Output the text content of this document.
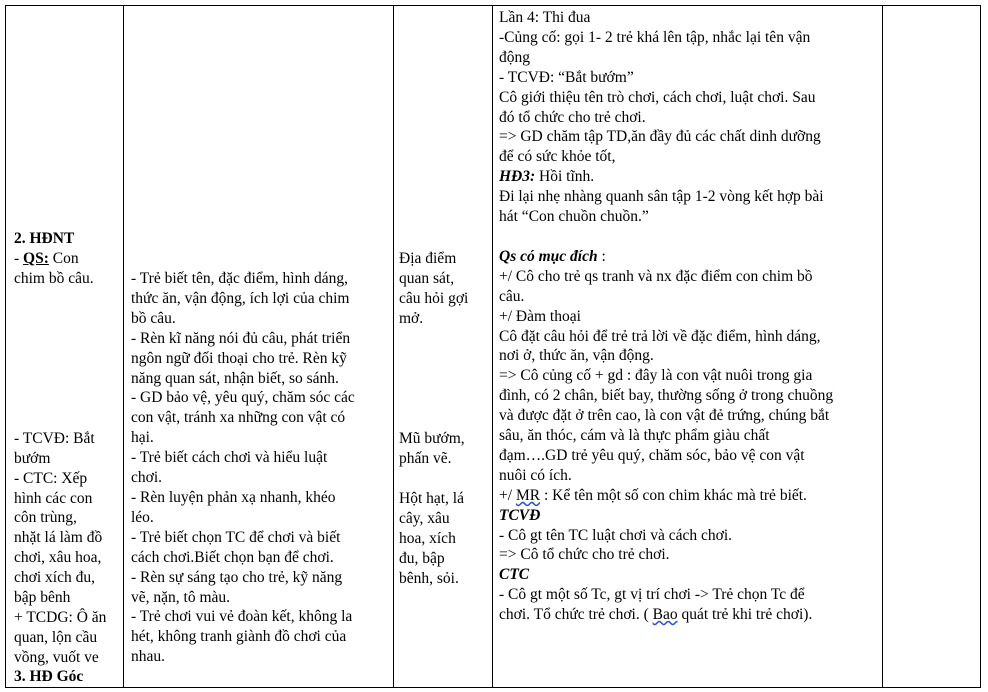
2. HĐNT
- QS: Con
chim bồ câu.
- TCVĐ: Bắt
bướm
- CTC: Xếp
hình các con
côn trùng,
nhặt lá làm đồ
chơi, xâu hoa,
chơi xích đu,
bập bênh
+ TCDG: Ô ăn
quan, lộn cầu
vồng, vuốt ve
3. HĐ Góc
- Trẻ biết tên, đặc điểm, hình dáng,
thức ăn, vận động, ích lợi của chim
bồ câu.
- Rèn kĩ năng nói đủ câu, phát triển
ngôn ngữ đối thoại cho trẻ. Rèn kỹ
năng quan sát, nhận biết, so sánh.
- GD bảo vệ, yêu quý, chăm sóc các
con vật, tránh xa những con vật có
hại.
- Trẻ biết cách chơi và hiểu luật
chơi.
- Rèn luyện phản xạ nhanh, khéo
léo.
- Trẻ biết chọn TC để chơi và biết
cách chơi.Biết chọn bạn để chơi.
- Rèn sự sáng tạo cho trẻ, kỹ năng
vẽ, nặn, tô màu.
- Trẻ chơi vui vẻ đoàn kết, không la
hét, không tranh giành đồ chơi của
nhau.
Địa điểm
quan sát,
câu hỏi gợi
mở.
Mũ bướm,
phấn vẽ.
Hột hạt, lá
cây, xâu
hoa, xích
đu, bập
bênh, sỏi.
Lần 4: Thi đua
-Củng cố: gọi 1- 2 trẻ khá lên tập, nhắc lại tên vận
động
- TCVĐ: “Bắt bướm”
Cô giới thiệu tên trò chơi, cách chơi, luật chơi. Sau
đó tổ chức cho trẻ chơi.
=> GD chăm tập TD,ăn đầy đủ các chất dinh dưỡng
để có sức khỏe tốt,
HĐ3: Hồi tĩnh.
Đi lại nhẹ nhàng quanh sân tập 1-2 vòng kết hợp bài
hát “Con chuồn chuồn.”

Qs có mục đích :
+/ Cô cho trẻ qs tranh và nx đặc điểm con chim bồ
câu.
+/ Đàm thoại
Cô đặt câu hỏi để trẻ trả lời về đặc điểm, hình dáng,
nơi ở, thức ăn, vận động.
=> Cô củng cố + gd : đây là con vật nuôi trong gia
đình, có 2 chân, biết bay, thường sống ở trong chuồng
và được đặt ở trên cao, là con vật đẻ trứng, chúng bắt
sâu, ăn thóc, cám và là thực phẩm giàu chất
đạm….GD trẻ yêu quý, chăm sóc, bảo vệ con vật
nuôi có ích.
+/ MR : Kể tên một số con chim khác mà trẻ biết.
TCVĐ
- Cô gt tên TC luật chơi và cách chơi.
=> Cô tổ chức cho trẻ chơi.
CTC
- Cô gt một số Tc, gt vị trí chơi -> Trẻ chọn Tc để
chơi. Tổ chức trẻ chơi. ( Bao quát trẻ khi trẻ chơi).
